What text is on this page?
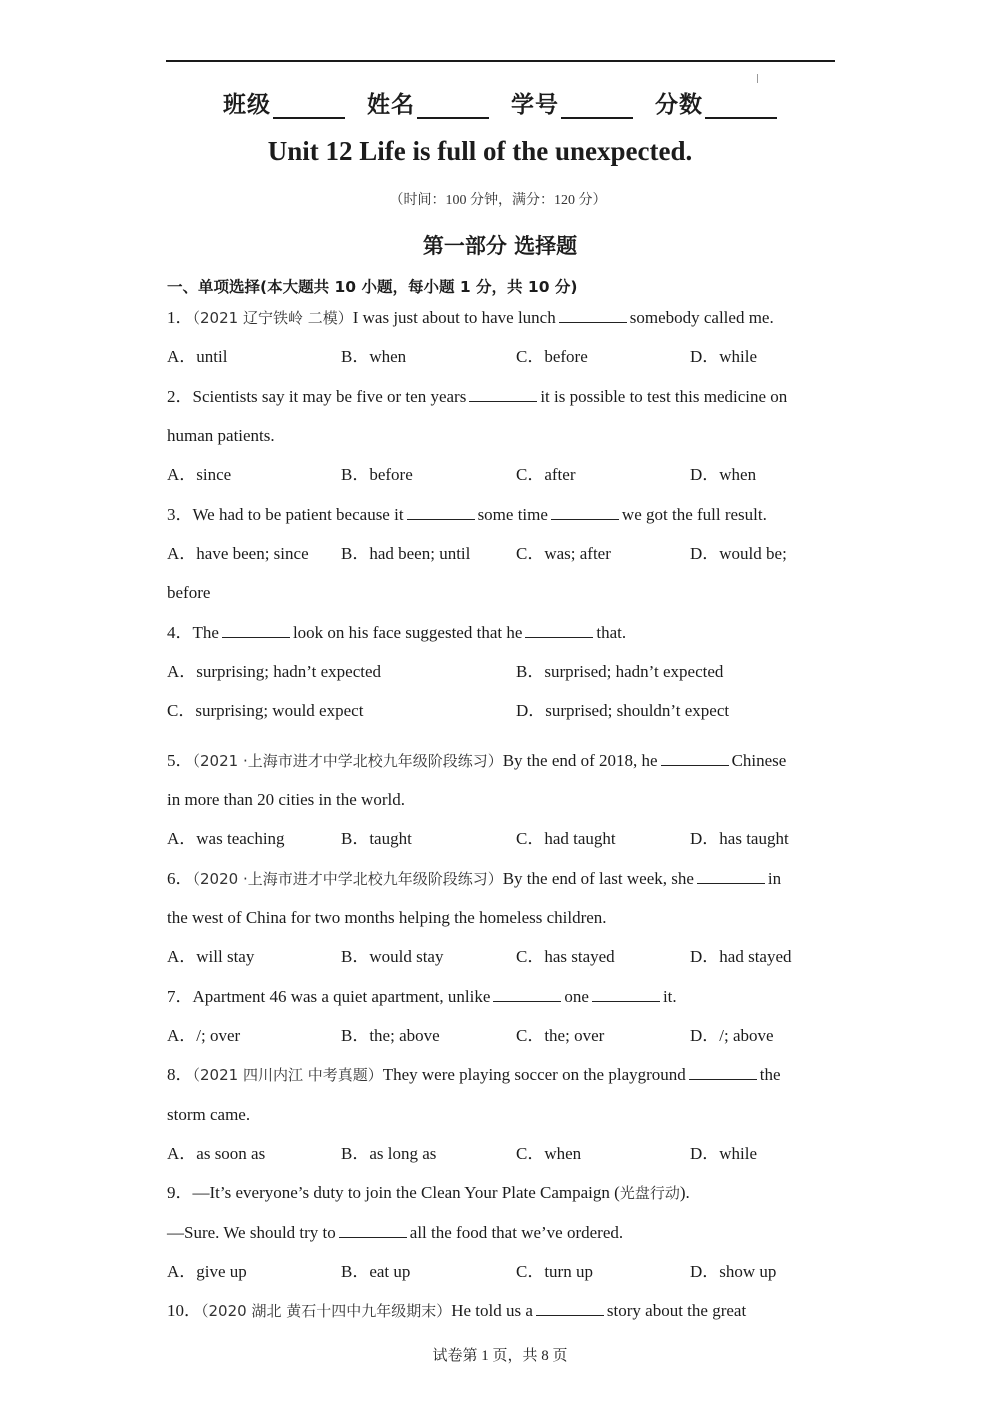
班级	姓名	学号	分数
Unit 12 Life is full of the unexpected.
（时间：100 分钟，满分：120 分）
第一部分 选择题
一、单项选择(本大题共 10 小题，每小题 1 分，共 10 分)
1．（2021 辽宁铁岭 二模）I was just about to have lunch	somebody called me.
A．until	B．when	C．before	D．while
2．Scientists say it may be five or ten years	it is possible to test this medicine on
human patients.
A．since	B．before	C．after	D．when
3．We had to be patient because it	some time	we got the full result.
A．have been; since B．had been; until	C．was; after	D．would be;
before
4．The	look on his face suggested that he	that.
A．surprising; hadn’t expected	B．surprised; hadn’t expected
C．surprising; would expect	D．surprised; shouldn’t expect
5．（2021 ·上海市进才中学北校九年级阶段练习）By the end of 2018, he	Chinese
in more than 20 cities in the world.
A．was teaching	B．taught	C．had taught	D．has taught
6．（2020 ·上海市进才中学北校九年级阶段练习）By the end of last week, she	in
the west of China for two months helping the homeless children.
A．will stay	B．would stay	C．has stayed	D．had stayed
7．Apartment 46 was a quiet apartment, unlike	one	it.
A．/; over	B．the; above	C．the; over	D．/; above
8．（2021 四川内江 中考真题）They were playing soccer on the playground	the
storm came.
A．as soon as	B．as long as	C．when	D．while
9．—It’s everyone’s duty to join the Clean Your Plate Campaign (光盘行动).
—Sure. We should try to	all the food that we’ve ordered.
A．give up	B．eat up	C．turn up	D．show up
10．（2020 湖北 黄石十四中九年级期末）He told us a	story about the great
试卷第 1 页，共 8 页
